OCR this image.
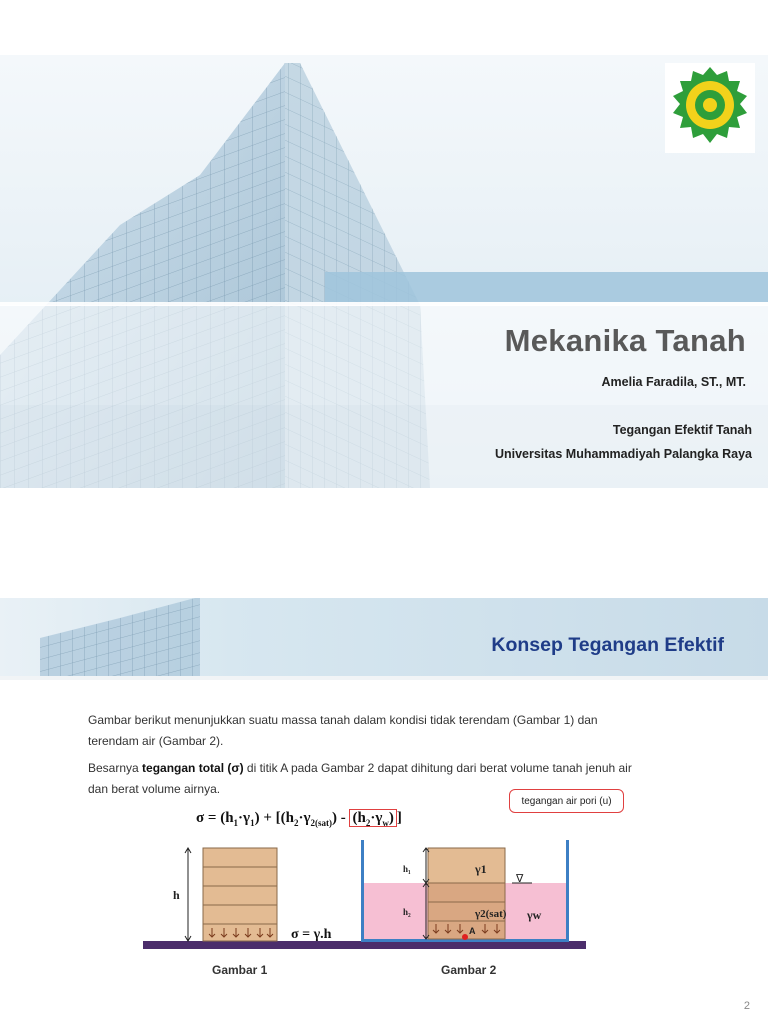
Mekanika Tanah
Amelia Faradila, ST., MT.
Tegangan Efektif Tanah
Universitas Muhammadiyah Palangka Raya
Konsep Tegangan Efektif
Gambar berikut menunjukkan suatu massa tanah dalam kondisi tidak terendam (Gambar 1) dan terendam air (Gambar 2).
Besarnya tegangan total (σ) di titik A pada Gambar 2 dapat dihitung dari berat volume tanah jenuh air dan berat volume airnya.
tegangan air pori (u)
$\sigma = (h_1\cdot\gamma_1) + [(h_2\cdot\gamma_{2(sat)}) - (h_2\cdot\gamma_w)$ ]
h
σ = γ.h	A
h₁
h₂
γ1
γ2(sat) γw
∇
Gambar 1	Gambar 2
2
